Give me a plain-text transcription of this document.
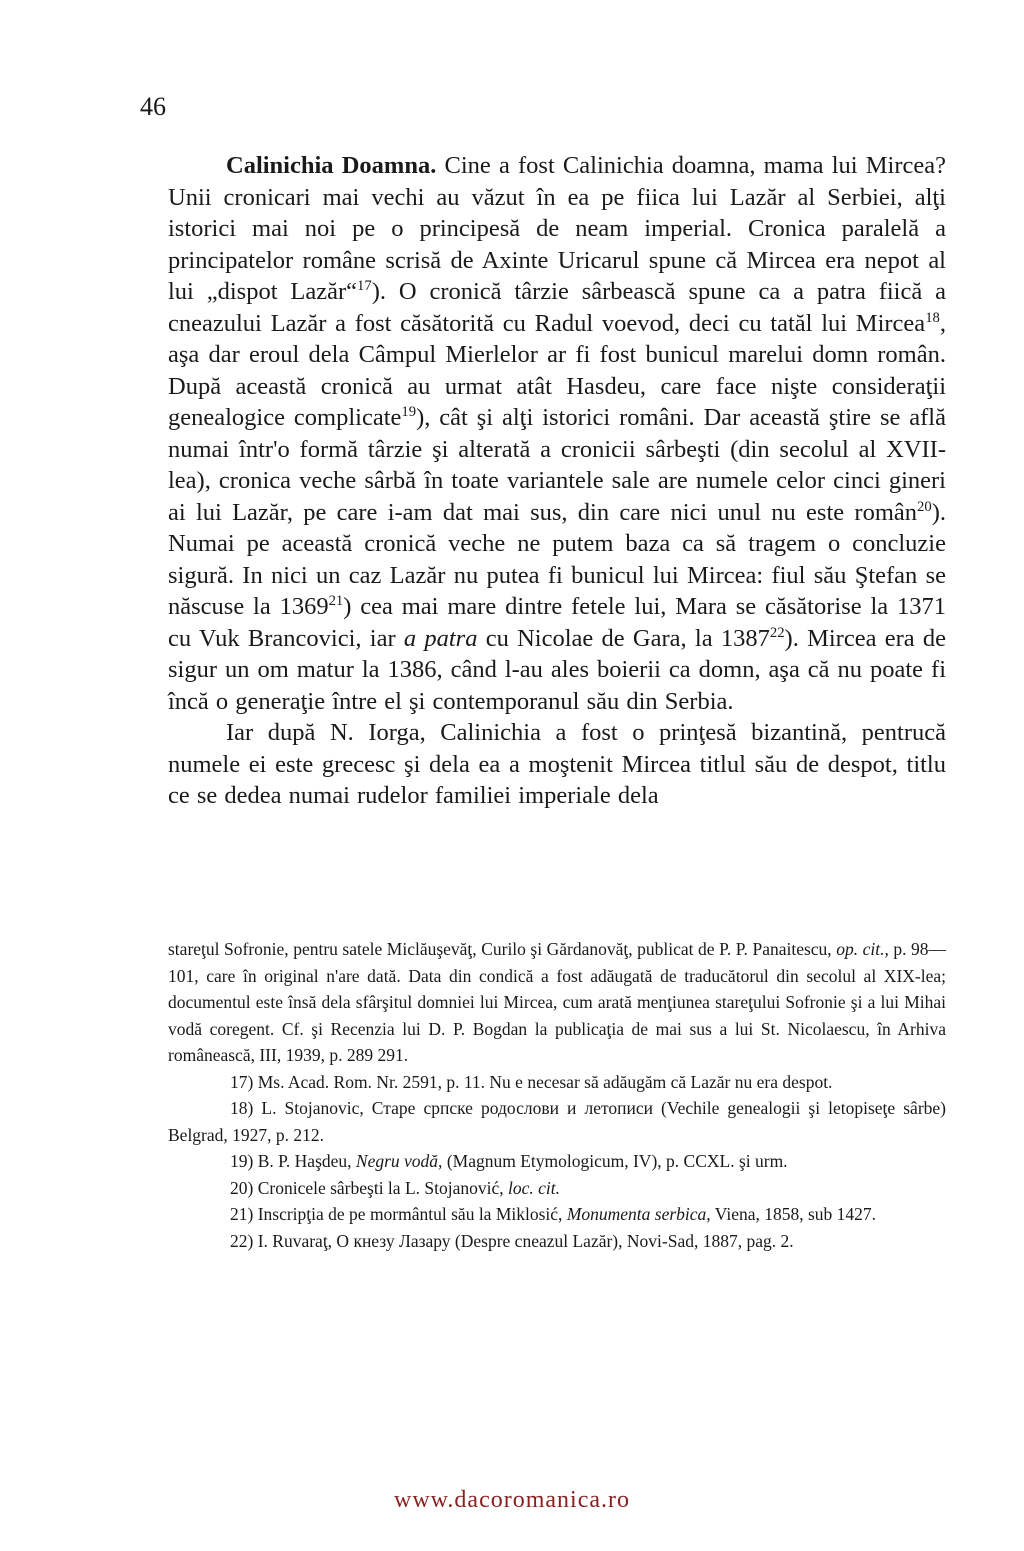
46

Calinichia Doamna. Cine a fost Calinichia doamna, mama lui Mircea? Unii cronicari mai vechi au văzut în ea pe fiica lui Lazăr al Serbiei, alţi istorici mai noi pe o principesă de neam imperial. Cronica paralelă a principatelor române scrisă de Axinte Uricarul spune că Mircea era nepot al lui „dispot Lazăr“$^{17}$). O cronică târzie sârbească spune ca a patra fiică a cneazului Lazăr a fost căsătorită cu Radul voevod, deci cu tatăl lui Mircea$^{18}$, aşa dar eroul dela Câmpul Mierlelor ar fi fost bunicul marelui domn român. După această cronică au urmat atât Hasdeu, care face nişte consideraţii genealogice complicate$^{19}$), cât şi alţi istorici români. Dar această ştire se află numai într'o formă târzie şi alterată a cronicii sârbeşti (din secolul al XVII-lea), cronica veche sârbă în toate variantele sale are numele celor cinci gineri ai lui Lazăr, pe care i-am dat mai sus, din care nici unul nu este român$^{20}$). Numai pe această cronică veche ne putem baza ca să tragem o concluzie sigură. In nici un caz Lazăr nu putea fi bunicul lui Mircea: fiul său Ştefan se născuse la 1369$^{21}$) cea mai mare dintre fetele lui, Mara se căsătorise la 1371 cu Vuk Brancovici, iar a patra cu Nicolae de Gara, la 1387$^{22}$). Mircea era de sigur un om matur la 1386, când l-au ales boierii ca domn, aşa că nu poate fi încă o generaţie între el şi contemporanul său din Serbia.

Iar după N. Iorga, Calinichia a fost o prinţesă bizantină, pentrucă numele ei este grecesc şi dela ea a moştenit Mircea titlul său de despot, titlu ce se dedea numai rudelor familiei imperiale dela

stareţul Sofronie, pentru satele Miclăuşevăţ, Curilo şi Gărdanovăţ, publicat de P. P. Panaitescu, op. cit., p. 98—101, care în original n'are dată. Data din condică a fost adăugată de traducătorul din secolul al XIX-lea; documentul este însă dela sfârşitul domniei lui Mircea, cum arată menţiunea stareţului Sofronie şi a lui Mihai vodă coregent. Cf. şi Recenzia lui D. P. Bogdan la publicaţia de mai sus a lui St. Nicolaescu, în Arhiva românească, III, 1939, p. 289 291.

17) Ms. Acad. Rom. Nr. 2591, p. 11. Nu e necesar să adăugăm că Lazăr nu era despot.

18) L. Stojanovic, Старе српске родослови и летописи (Vechile genealogii şi letopiseţe sârbe) Belgrad, 1927, p. 212.

19) B. P. Haşdeu, Negru vodă, (Magnum Etymologicum, IV), p. CCXL. şi urm.

20) Cronicele sârbeşti la L. Stojanović, loc. cit.

21) Inscripţia de pe mormântul său la Miklosić, Monumenta serbica, Viena, 1858, sub 1427.

22) I. Ruvaraţ, О кнезу Лазару (Despre cneazul Lazăr), Novi-Sad, 1887, pag. 2.

www.dacoromanica.ro
